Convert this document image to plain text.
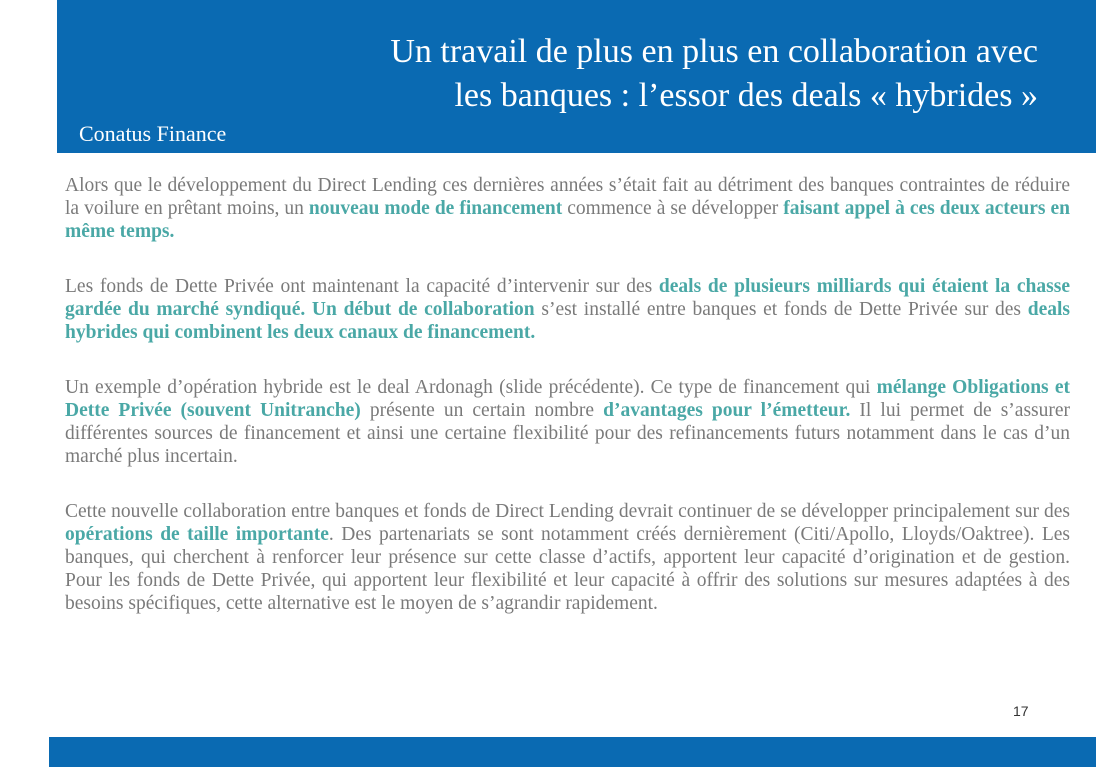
Un travail de plus en plus en collaboration avec
les banques : l’essor des deals « hybrides »
Conatus Finance

Alors que le développement du Direct Lending ces dernières années s’était fait au détriment des banques contraintes de réduire la voilure en prêtant moins, un nouveau mode de financement commence à se développer faisant appel à ces deux acteurs en même temps.

Les fonds de Dette Privée ont maintenant la capacité d’intervenir sur des deals de plusieurs milliards qui étaient la chasse gardée du marché syndiqué. Un début de collaboration s’est installé entre banques et fonds de Dette Privée sur des deals hybrides qui combinent les deux canaux de financement.

Un exemple d’opération hybride est le deal Ardonagh (slide précédente). Ce type de financement qui mélange Obligations et Dette Privée (souvent Unitranche) présente un certain nombre d’avantages pour l’émetteur. Il lui permet de s’assurer différentes sources de financement et ainsi une certaine flexibilité pour des refinancements futurs notamment dans le cas d’un marché plus incertain.

Cette nouvelle collaboration entre banques et fonds de Direct Lending devrait continuer de se développer principalement sur des opérations de taille importante. Des partenariats se sont notamment créés dernièrement (Citi/Apollo, Lloyds/Oaktree). Les banques, qui cherchent à renforcer leur présence sur cette classe d’actifs, apportent leur capacité d’origination et de gestion. Pour les fonds de Dette Privée, qui apportent leur flexibilité et leur capacité à offrir des solutions sur mesures adaptées à des besoins spécifiques, cette alternative est le moyen de s’agrandir rapidement.

17
